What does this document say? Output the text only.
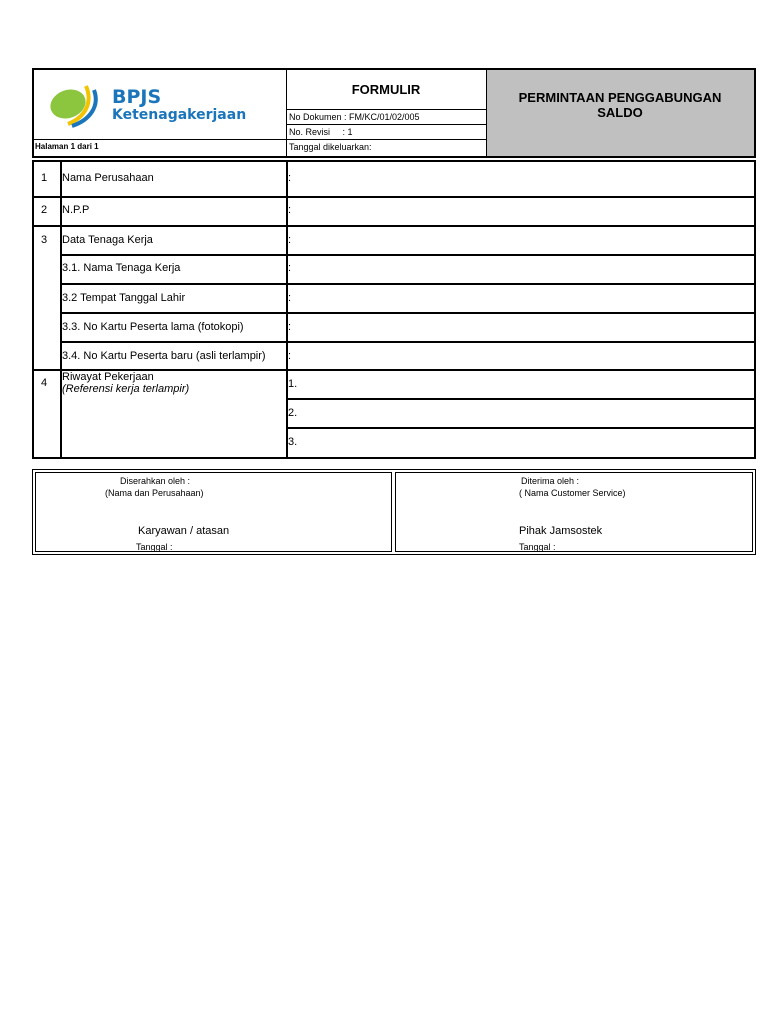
BPJS
Ketenagakerjaan
FORMULIR
PERMINTAAN PENGGABUNGAN
SALDO
No Dokumen : FM/KC/01/02/005
No. Revisi     : 1
Tanggal dikeluarkan:
Halaman 1 dari 1
1 Nama Perusahaan	:
2 N.P.P	:
3 Data Tenaga Kerja	:
3.1. Nama Tenaga Kerja	:
3.2 Tempat Tanggal Lahir	:
3.3. No Kartu Peserta lama (fotokopi)	:
3.4. No Kartu Peserta baru (asli terlampir) :
4 Riwayat Pekerjaan
(Referensi kerja terlampir)	1.
2.
3.
Diserahkan oleh :
(Nama dan Perusahaan)
Karyawan / atasan
Tanggal :
Diterima oleh :
( Nama Customer Service)
Pihak Jamsostek
Tanggal :
